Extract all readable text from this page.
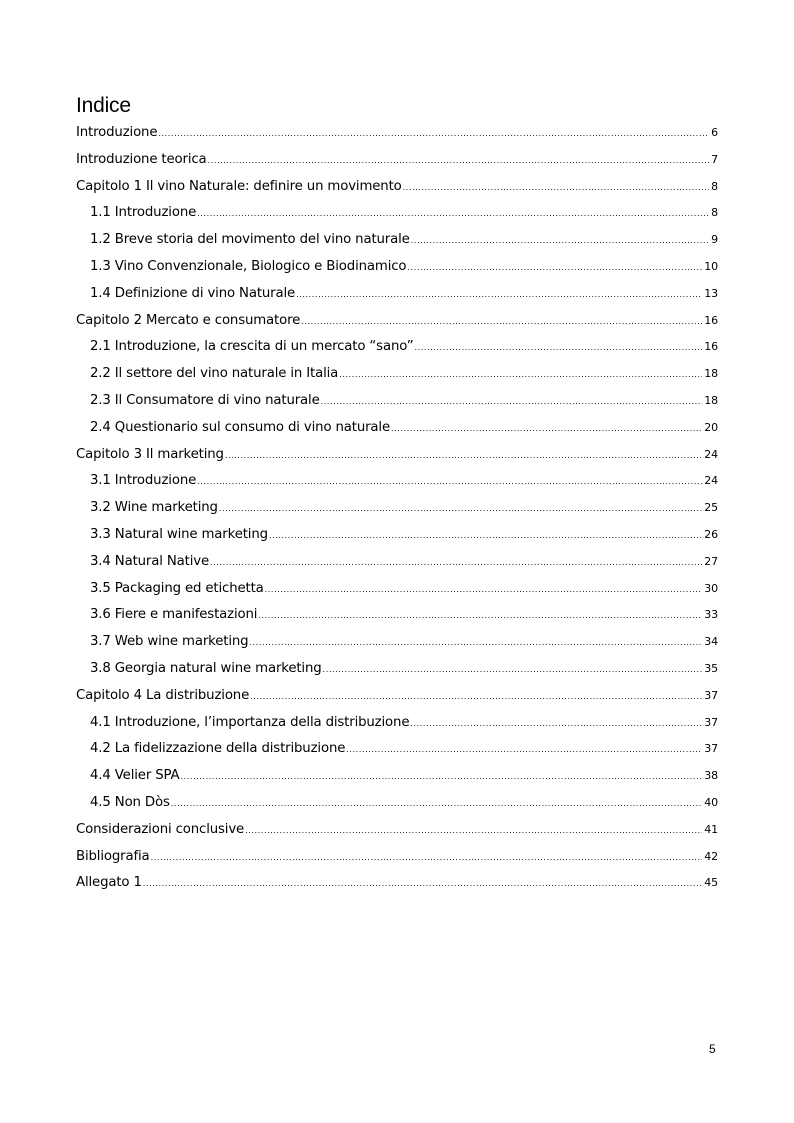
Indice
Introduzione .....	6
Introduzione teorica .....	7
Capitolo 1 Il vino Naturale: definire un movimento .....	8
1.1 Introduzione .....	8
1.2 Breve storia del movimento del vino naturale .....	9
1.3 Vino Convenzionale, Biologico e Biodinamico .....	10
1.4 Definizione di vino Naturale .....	13
Capitolo 2 Mercato e consumatore .....	16
2.1 Introduzione, la crescita di un mercato “sano” .....	16
2.2 Il settore del vino naturale in Italia .....	18
2.3 Il Consumatore di vino naturale .....	18
2.4 Questionario sul consumo di vino naturale .....	20
Capitolo 3 Il marketing .....	24
3.1 Introduzione .....	24
3.2 Wine marketing .....	25
3.3 Natural wine marketing .....	26
3.4 Natural Native .....	27
3.5 Packaging ed etichetta .....	30
3.6 Fiere e manifestazioni .....	33
3.7 Web wine marketing .....	34
3.8 Georgia natural wine marketing .....	35
Capitolo 4 La distribuzione .....	37
4.1 Introduzione, l’importanza della distribuzione .....	37
4.2 La fidelizzazione della distribuzione .....	37
4.4 Velier SPA .....	38
4.5 Non Dòs .....	40
Considerazioni conclusive .....	41
Bibliografia .....	42
Allegato 1 .....	45
5
